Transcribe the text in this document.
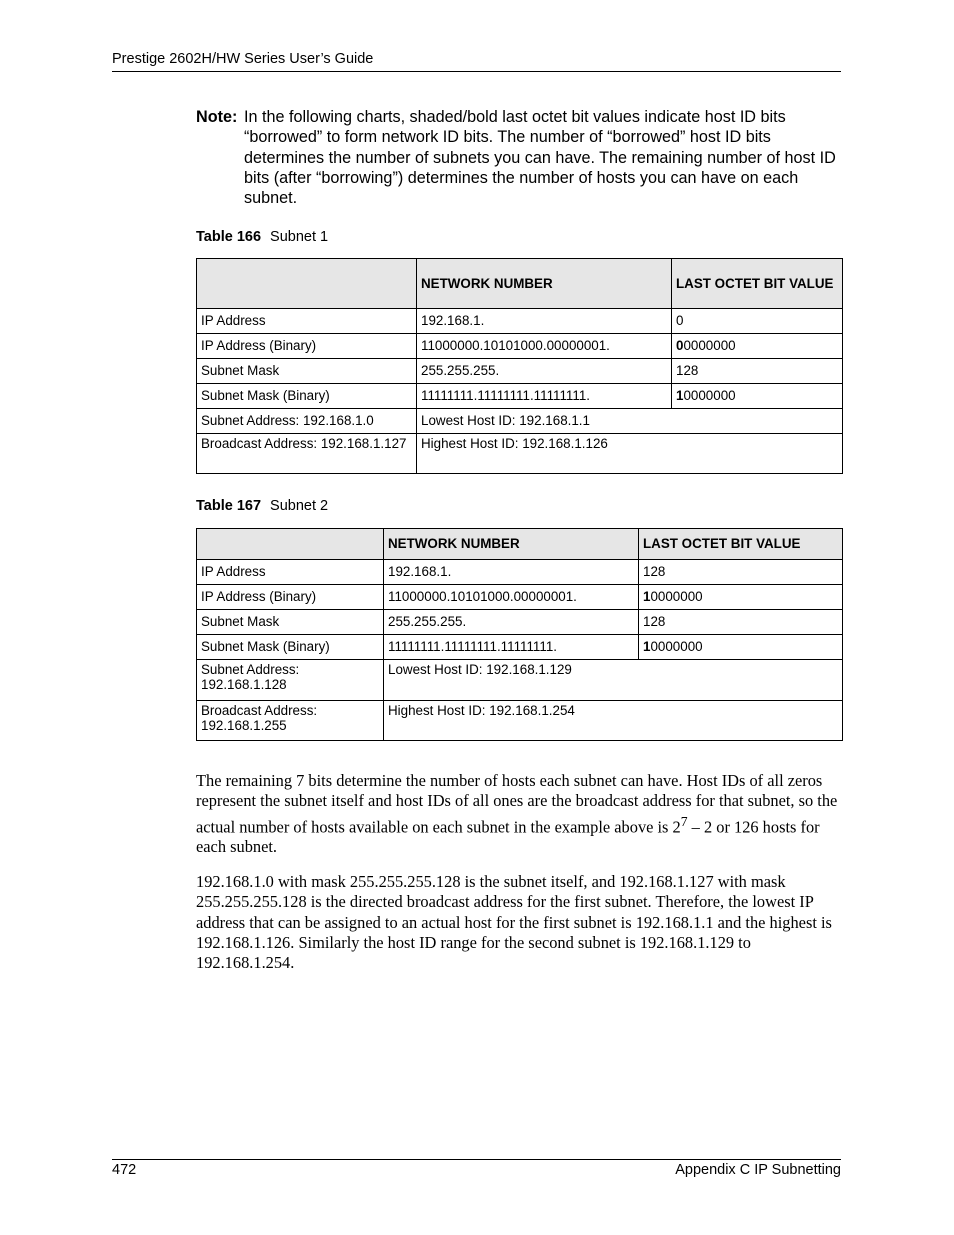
Prestige 2602H/HW Series User’s Guide
Note: In the following charts, shaded/bold last octet bit values indicate host ID bits “borrowed” to form network ID bits. The number of “borrowed” host ID bits determines the number of subnets you can have. The remaining number of host ID bits (after “borrowing”) determines the number of hosts you can have on each subnet.
Table 166 Subnet 1
	NETWORK NUMBER	LAST OCTET BIT VALUE
IP Address	192.168.1.	0
IP Address (Binary)	11000000.10101000.00000001.	00000000
Subnet Mask	255.255.255.	128
Subnet Mask (Binary)	11111111.11111111.11111111.	10000000
Subnet Address: 192.168.1.0	Lowest Host ID: 192.168.1.1	
Broadcast Address: 192.168.1.127	Highest Host ID: 192.168.1.126	
Table 167 Subnet 2
	NETWORK NUMBER	LAST OCTET BIT VALUE
IP Address	192.168.1.	128
IP Address (Binary)	11000000.10101000.00000001.	10000000
Subnet Mask	255.255.255.	128
Subnet Mask (Binary)	11111111.11111111.11111111.	10000000
Subnet Address: 192.168.1.128	Lowest Host ID: 192.168.1.129	
Broadcast Address: 192.168.1.255	Highest Host ID: 192.168.1.254	

The remaining 7 bits determine the number of hosts each subnet can have. Host IDs of all zeros represent the subnet itself and host IDs of all ones are the broadcast address for that subnet, so the actual number of hosts available on each subnet in the example above is $2^7 - 2$ or 126 hosts for each subnet.

192.168.1.0 with mask 255.255.255.128 is the subnet itself, and 192.168.1.127 with mask 255.255.255.128 is the directed broadcast address for the first subnet. Therefore, the lowest IP address that can be assigned to an actual host for the first subnet is 192.168.1.1 and the highest is 192.168.1.126. Similarly the host ID range for the second subnet is 192.168.1.129 to 192.168.1.254.

472	Appendix C IP Subnetting
